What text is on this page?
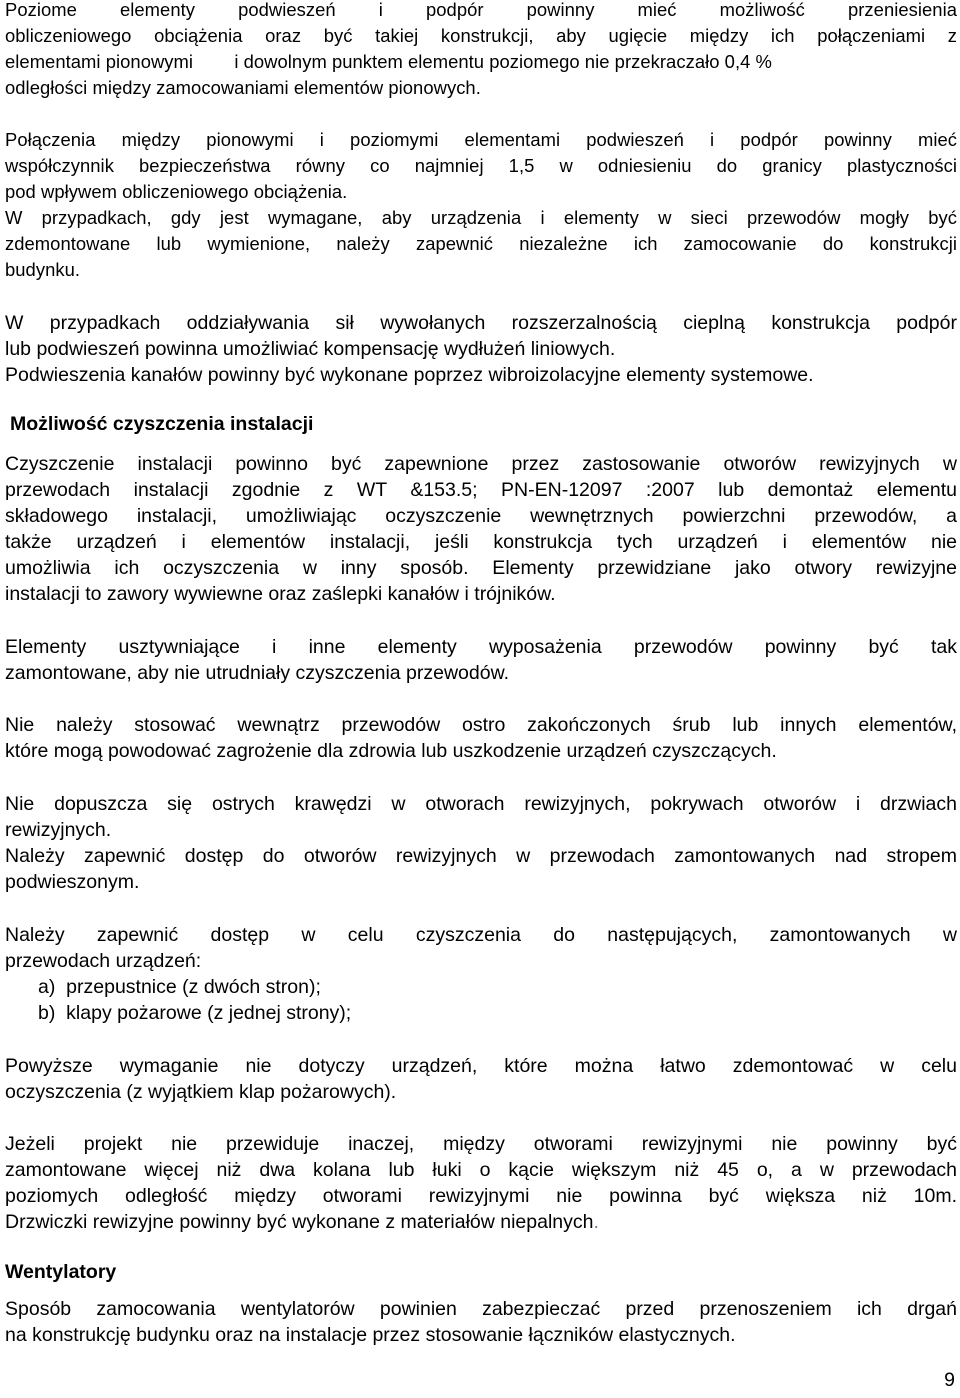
Poziome elementy podwieszeń i podpór powinny mieć możliwość przeniesienia
obliczeniowego obciążenia oraz być takiej konstrukcji, aby ugięcie między ich połączeniami z
elementami pionowymi        i dowolnym punktem elementu poziomego nie przekraczało 0,4 %
odległości między zamocowaniami elementów pionowych.
Połączenia między pionowymi i poziomymi elementami podwieszeń i podpór powinny mieć
współczynnik bezpieczeństwa równy co najmniej 1,5 w odniesieniu do granicy plastyczności
pod wpływem obliczeniowego obciążenia.
W przypadkach, gdy jest wymagane, aby urządzenia i elementy w sieci przewodów mogły być
zdemontowane lub wymienione, należy zapewnić niezależne ich zamocowanie do konstrukcji
budynku.
W przypadkach oddziaływania sił wywołanych rozszerzalnością cieplną konstrukcja podpór
lub podwieszeń powinna umożliwiać kompensację wydłużeń liniowych.
Podwieszenia kanałów powinny być wykonane poprzez wibroizolacyjne elementy systemowe.
Możliwość czyszczenia instalacji
Czyszczenie instalacji powinno być zapewnione przez zastosowanie otworów rewizyjnych w
przewodach instalacji zgodnie z WT &153.5; PN-EN-12097 :2007 lub demontaż elementu
składowego instalacji, umożliwiając oczyszczenie wewnętrznych powierzchni przewodów, a
także urządzeń i elementów instalacji, jeśli konstrukcja tych urządzeń i elementów nie
umożliwia ich oczyszczenia w inny sposób. Elementy przewidziane jako otwory rewizyjne
instalacji to zawory wywiewne oraz zaślepki kanałów i trójników.
Elementy usztywniające i inne elementy wyposażenia przewodów powinny być tak
zamontowane, aby nie utrudniały czyszczenia przewodów.
Nie należy stosować wewnątrz przewodów ostro zakończonych śrub lub innych elementów,
które mogą powodować zagrożenie dla zdrowia lub uszkodzenie urządzeń czyszczących.
Nie dopuszcza się ostrych krawędzi w otworach rewizyjnych, pokrywach otworów i drzwiach
rewizyjnych.
Należy zapewnić dostęp do otworów rewizyjnych w przewodach zamontowanych nad stropem
podwieszonym.
Należy zapewnić dostęp w celu czyszczenia do następujących, zamontowanych w
przewodach urządzeń:
a)  przepustnice (z dwóch stron);
b)  klapy pożarowe (z jednej strony);
Powyższe wymaganie nie dotyczy urządzeń, które można łatwo zdemontować w celu
oczyszczenia (z wyjątkiem klap pożarowych).
Jeżeli projekt nie przewiduje inaczej, między otworami rewizyjnymi nie powinny być
zamontowane więcej niż dwa kolana lub łuki o kącie większym niż 45 o, a w przewodach
poziomych odległość między otworami rewizyjnymi nie powinna być większa niż 10m.
Drzwiczki rewizyjne powinny być wykonane z materiałów niepalnych.
Wentylatory
Sposób zamocowania wentylatorów powinien zabezpieczać przed przenoszeniem ich drgań
na konstrukcję budynku oraz na instalacje przez stosowanie łączników elastycznych.
9
